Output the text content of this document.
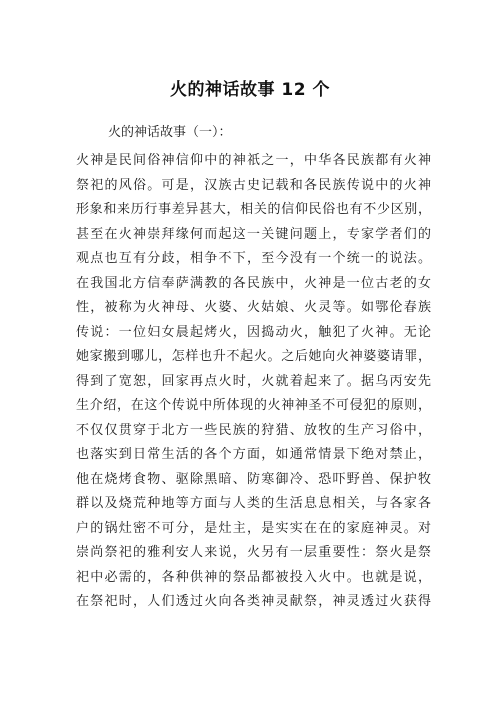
火的神话故事 12 个
火的神话故事（一）：
火神是民间俗神信仰中的神祇之一，中华各民族都有火神
祭祀的风俗。可是，汉族古史记载和各民族传说中的火神
形象和来历行事差异甚大，相关的信仰民俗也有不少区别，
甚至在火神崇拜缘何而起这一关键问题上，专家学者们的
观点也互有分歧，相争不下，至今没有一个统一的说法。
在我国北方信奉萨满教的各民族中，火神是一位古老的女
性，被称为火神母、火婆、火姑娘、火灵等。如鄂伦春族
传说：一位妇女晨起烤火，因捣动火，触犯了火神。无论
她家搬到哪儿，怎样也升不起火。之后她向火神婆婆请罪，
得到了宽恕，回家再点火时，火就着起来了。据乌丙安先
生介绍，在这个传说中所体现的火神神圣不可侵犯的原则，
不仅仅贯穿于北方一些民族的狩猎、放牧的生产习俗中，
也落实到日常生活的各个方面，如通常情景下绝对禁止，
他在烧烤食物、驱除黑暗、防寒御冷、恐吓野兽、保护牧
群以及烧荒种地等方面与人类的生活息息相关，与各家各
户的锅灶密不可分，是灶主，是实实在在的家庭神灵。对
崇尚祭祀的雅利安人来说，火另有一层重要性：祭火是祭
祀中必需的，各种供神的祭品都被投入火中。也就是说，
在祭祀时，人们透过火向各类神灵献祭，神灵透过火获得
